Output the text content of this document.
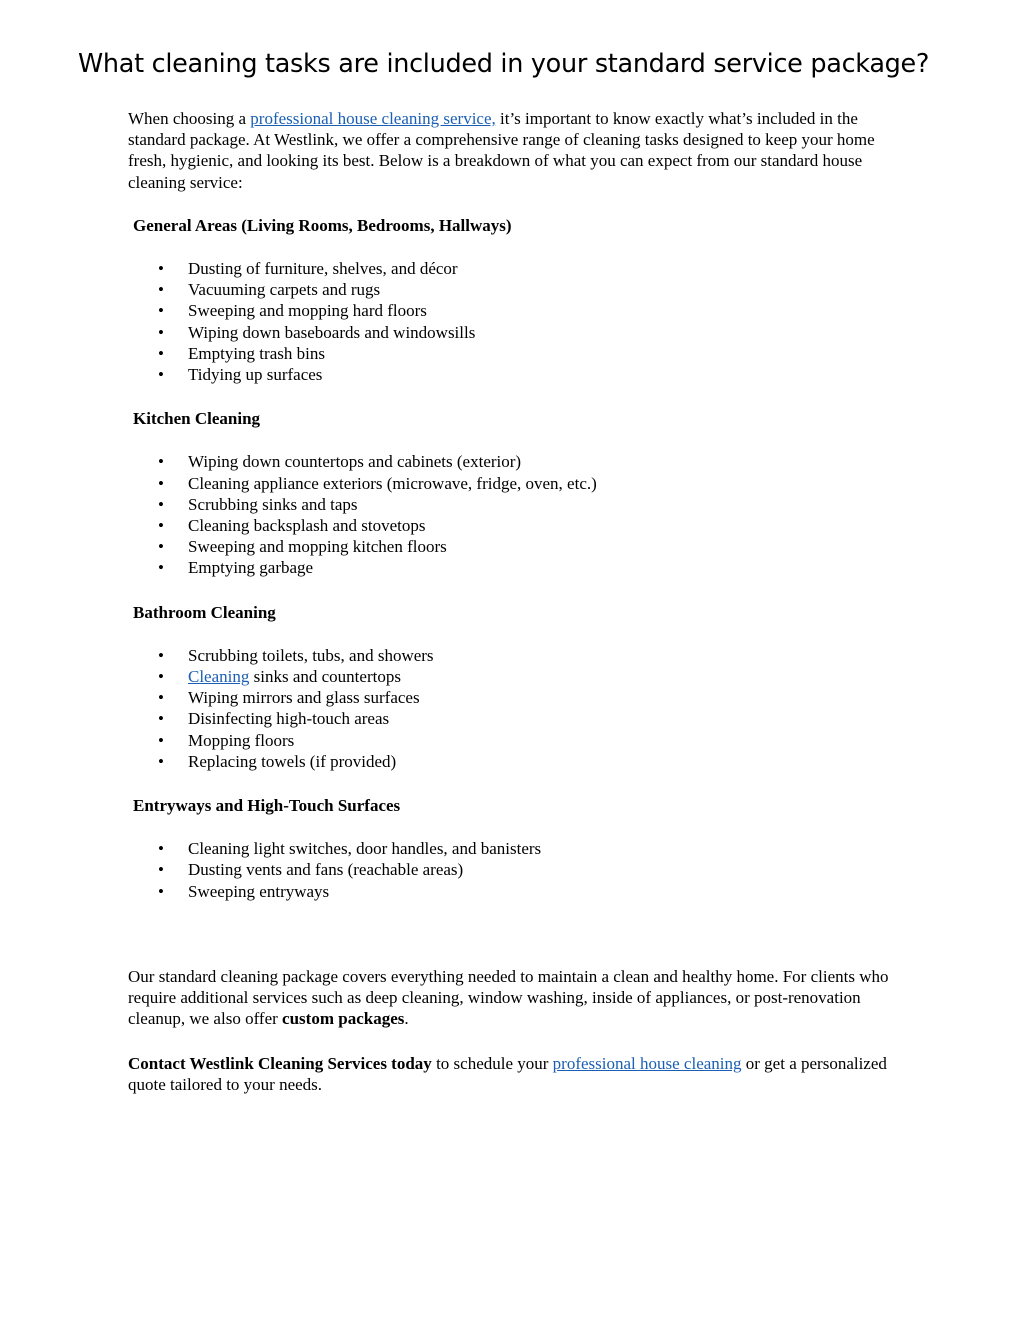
What cleaning tasks are included in your standard service package?

When choosing a professional house cleaning service, it’s important to know exactly what’s included in the standard package. At Westlink, we offer a comprehensive range of cleaning tasks designed to keep your home fresh, hygienic, and looking its best. Below is a breakdown of what you can expect from our standard house cleaning service:

General Areas (Living Rooms, Bedrooms, Hallways)

• Dusting of furniture, shelves, and décor
• Vacuuming carpets and rugs
• Sweeping and mopping hard floors
• Wiping down baseboards and windowsills
• Emptying trash bins
• Tidying up surfaces

Kitchen Cleaning

• Wiping down countertops and cabinets (exterior)
• Cleaning appliance exteriors (microwave, fridge, oven, etc.)
• Scrubbing sinks and taps
• Cleaning backsplash and stovetops
• Sweeping and mopping kitchen floors
• Emptying garbage

Bathroom Cleaning

• Scrubbing toilets, tubs, and showers
• Cleaning sinks and countertops
• Wiping mirrors and glass surfaces
• Disinfecting high-touch areas
• Mopping floors
• Replacing towels (if provided)

Entryways and High-Touch Surfaces

• Cleaning light switches, door handles, and banisters
• Dusting vents and fans (reachable areas)
• Sweeping entryways

Our standard cleaning package covers everything needed to maintain a clean and healthy home. For clients who require additional services such as deep cleaning, window washing, inside of appliances, or post-renovation cleanup, we also offer custom packages.

Contact Westlink Cleaning Services today to schedule your professional house cleaning or get a personalized quote tailored to your needs.
